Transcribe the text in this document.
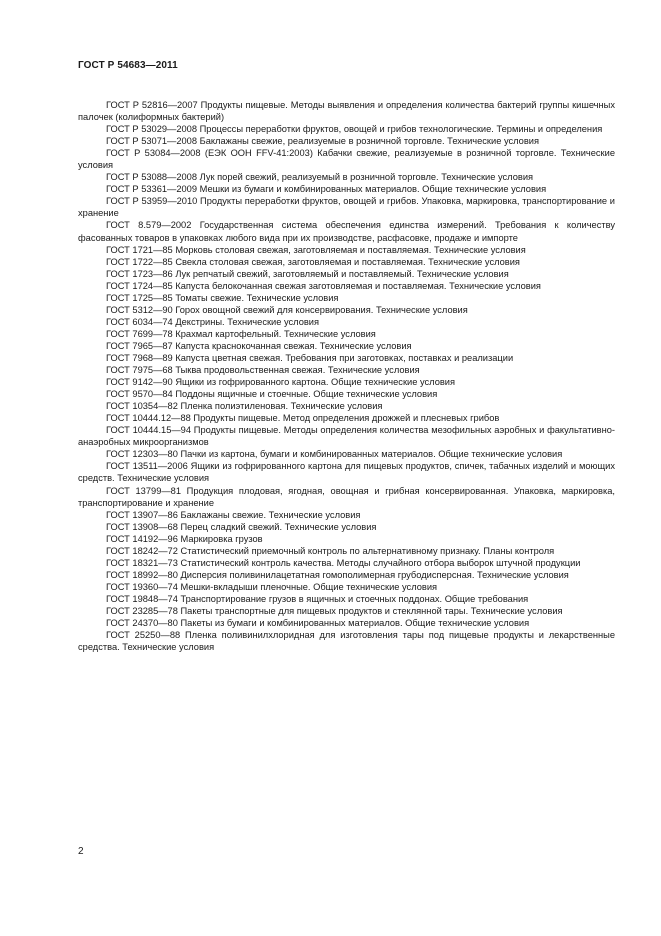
ГОСТ Р 54683—2011

ГОСТ Р 52816—2007 Продукты пищевые. Методы выявления и определения количества бактерий группы кишечных палочек (колиформных бактерий)

ГОСТ Р 53029—2008 Процессы переработки фруктов, овощей и грибов технологические. Термины и определения

ГОСТ Р 53071—2008 Баклажаны свежие, реализуемые в розничной торговле. Технические условия

ГОСТ Р 53084—2008 (ЕЭК ООН FFV-41:2003) Кабачки свежие, реализуемые в розничной торговле. Технические условия

ГОСТ Р 53088—2008 Лук порей свежий, реализуемый в розничной торговле. Технические условия

ГОСТ Р 53361—2009 Мешки из бумаги и комбинированных материалов. Общие технические условия

ГОСТ Р 53959—2010 Продукты переработки фруктов, овощей и грибов. Упаковка, маркировка, транспортирование и хранение

ГОСТ 8.579—2002 Государственная система обеспечения единства измерений. Требования к количеству фасованных товаров в упаковках любого вида при их производстве, расфасовке, продаже и импорте

ГОСТ 1721—85 Морковь столовая свежая, заготовляемая и поставляемая. Технические условия

ГОСТ 1722—85 Свекла столовая свежая, заготовляемая и поставляемая. Технические условия

ГОСТ 1723—86 Лук репчатый свежий, заготовляемый и поставляемый. Технические условия

ГОСТ 1724—85 Капуста белокочанная свежая заготовляемая и поставляемая. Технические условия

ГОСТ 1725—85 Томаты свежие. Технические условия

ГОСТ 5312—90 Горох овощной свежий для консервирования. Технические условия

ГОСТ 6034—74 Декстрины. Технические условия

ГОСТ 7699—78 Крахмал картофельный. Технические условия

ГОСТ 7965—87 Капуста краснокочанная свежая. Технические условия

ГОСТ 7968—89 Капуста цветная свежая. Требования при заготовках, поставках и реализации

ГОСТ 7975—68 Тыква продовольственная свежая. Технические условия

ГОСТ 9142—90 Ящики из гофрированного картона. Общие технические условия

ГОСТ 9570—84 Поддоны ящичные и стоечные. Общие технические условия

ГОСТ 10354—82 Пленка полиэтиленовая. Технические условия

ГОСТ 10444.12—88 Продукты пищевые. Метод определения дрожжей и плесневых грибов

ГОСТ 10444.15—94 Продукты пищевые. Методы определения количества мезофильных аэробных и факультативно-анаэробных микроорганизмов

ГОСТ 12303—80 Пачки из картона, бумаги и комбинированных материалов. Общие технические условия

ГОСТ 13511—2006 Ящики из гофрированного картона для пищевых продуктов, спичек, табачных изделий и моющих средств. Технические условия

ГОСТ 13799—81 Продукция плодовая, ягодная, овощная и грибная консервированная. Упаковка, маркировка, транспортирование и хранение

ГОСТ 13907—86 Баклажаны свежие. Технические условия

ГОСТ 13908—68 Перец сладкий свежий. Технические условия

ГОСТ 14192—96 Маркировка грузов

ГОСТ 18242—72 Статистический приемочный контроль по альтернативному признаку. Планы контроля

ГОСТ 18321—73 Статистический контроль качества. Методы случайного отбора выборок штучной продукции

ГОСТ 18992—80 Дисперсия поливинилацетатная гомополимерная грубодисперсная. Технические условия

ГОСТ 19360—74 Мешки-вкладыши пленочные. Общие технические условия

ГОСТ 19848—74 Транспортирование грузов в ящичных и стоечных поддонах. Общие требования

ГОСТ 23285—78 Пакеты транспортные для пищевых продуктов и стеклянной тары. Технические условия

ГОСТ 24370—80 Пакеты из бумаги и комбинированных материалов. Общие технические условия

ГОСТ 25250—88 Пленка поливинилхлоридная для изготовления тары под пищевые продукты и лекарственные средства. Технические условия

2
